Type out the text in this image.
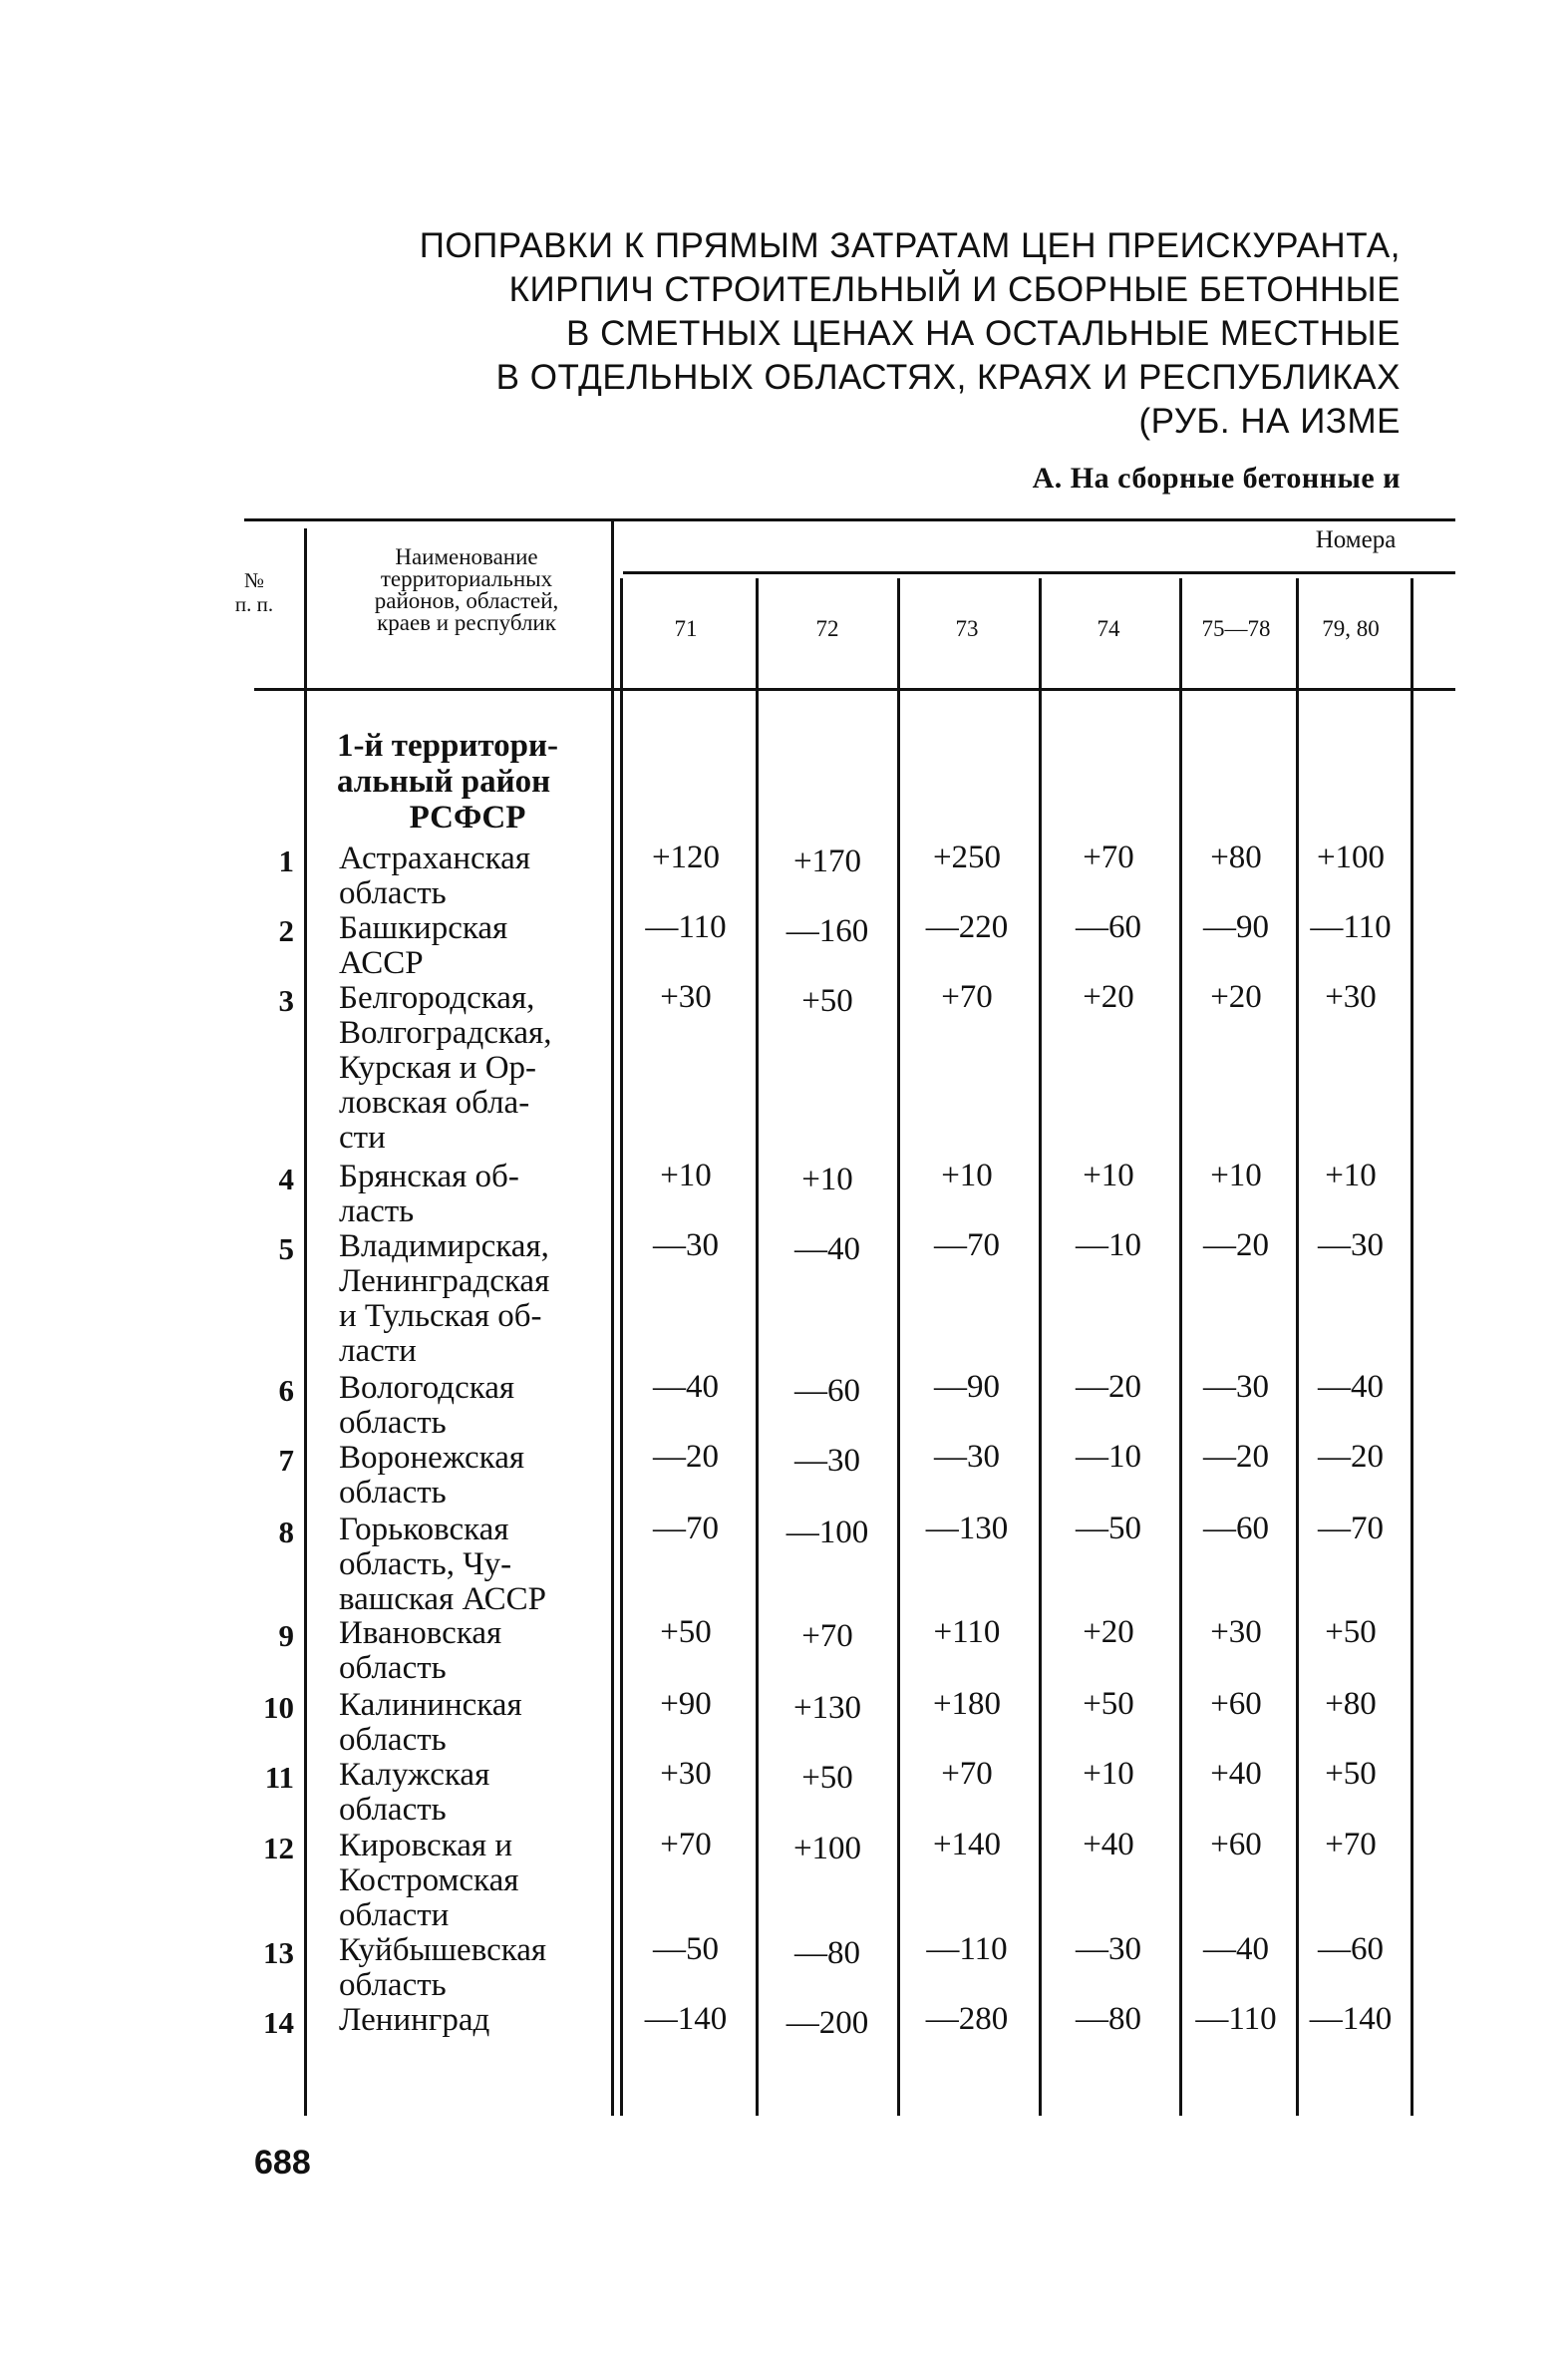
ПОПРАВКИ К ПРЯМЫМ ЗАТРАТАМ ЦЕН ПРЕИСКУРАНТА,
КИРПИЧ СТРОИТЕЛЬНЫЙ И СБОРНЫЕ БЕТОННЫЕ
В СМЕТНЫХ ЦЕНАХ НА ОСТАЛЬНЫЕ МЕСТНЫЕ
В ОТДЕЛЬНЫХ ОБЛАСТЯХ, КРАЯХ И РЕСПУБЛИКАХ
(РУБ. НА ИЗМЕ
А. На сборные бетонные и
№
п. п.
Наименование
территориальных
районов, областей,
краев и республик
Номера
71	72	73	74	75—78	79, 80
1-й территори-
альный район
РСФСР
1 Астраханская
область
+120	+170	+250	+70	+80	+100
2 Башкирская
АССР
—110	—160	—220	—60	—90	—110
3 Белгородская,
Волгоградская,
Курская и Ор-
ловская обла-
сти
+30	+50	+70	+20	+20	+30
4 Брянская об-
ласть
+10	+10	+10	+10	+10	+10
5 Владимирская,
Ленинградская
и Тульская об-
ласти
—30	—40	—70	—10	—20	—30
6 Вологодская
область
—40	—60	—90	—20	—30	—40
7 Воронежская
область
—20	—30	—30	—10	—20	—20
8 Горьковская
область, Чу-
вашская АССР
—70	—100	—130	—50	—60	—70
9 Ивановская
область
+50	+70	+110	+20	+30	+50
10 Калининская
область
+90	+130	+180	+50	+60	+80
11 Калужская
область
+30	+50	+70	+10	+40	+50
12 Кировская и
Костромская
области
+70	+100	+140	+40	+60	+70
13 Куйбышевская
область
—50	—80	—110	—30	—40	—60
14 Ленинград	—140	—200	—280	—80	—110	—140
688
